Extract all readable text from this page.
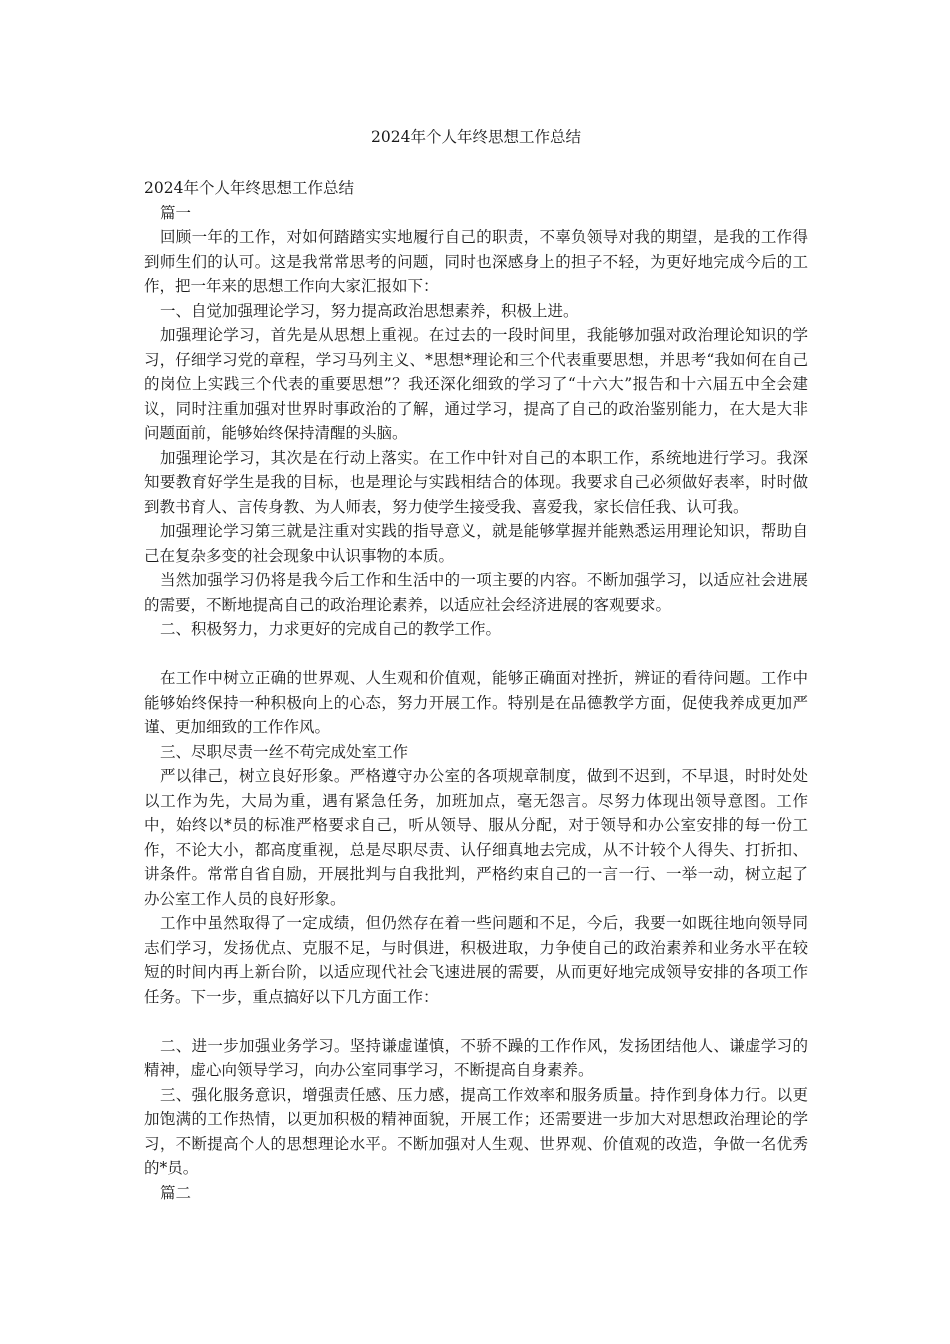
2024年个人年终思想工作总结

2024年个人年终思想工作总结

篇一

回顾一年的工作，对如何踏踏实实地履行自己的职责，不辜负领导对我的期望，是我的工作得到师生们的认可。这是我常常思考的问题，同时也深感身上的担子不轻，为更好地完成今后的工作，把一年来的思想工作向大家汇报如下：

一、自觉加强理论学习，努力提高政治思想素养，积极上进。

加强理论学习，首先是从思想上重视。在过去的一段时间里，我能够加强对政治理论知识的学习，仔细学习党的章程，学习马列主义、*思想*理论和三个代表重要思想，并思考“我如何在自己的岗位上实践三个代表的重要思想”？我还深化细致的学习了“十六大”报告和十六届五中全会建议，同时注重加强对世界时事政治的了解，通过学习，提高了自己的政治鉴别能力，在大是大非问题面前，能够始终保持清醒的头脑。

加强理论学习，其次是在行动上落实。在工作中针对自己的本职工作，系统地进行学习。我深知要教育好学生是我的目标，也是理论与实践相结合的体现。我要求自己必须做好表率，时时做到教书育人、言传身教、为人师表，努力使学生接受我、喜爱我，家长信任我、认可我。

加强理论学习第三就是注重对实践的指导意义，就是能够掌握并能熟悉运用理论知识，帮助自己在复杂多变的社会现象中认识事物的本质。

当然加强学习仍将是我今后工作和生活中的一项主要的内容。不断加强学习，以适应社会进展的需要，不断地提高自己的政治理论素养，以适应社会经济进展的客观要求。

二、积极努力，力求更好的完成自己的教学工作。

在工作中树立正确的世界观、人生观和价值观，能够正确面对挫折，辨证的看待问题。工作中能够始终保持一种积极向上的心态，努力开展工作。特别是在品德教学方面，促使我养成更加严谨、更加细致的工作作风。

三、尽职尽责一丝不苟完成处室工作

严以律己，树立良好形象。严格遵守办公室的各项规章制度，做到不迟到，不早退，时时处处以工作为先，大局为重，遇有紧急任务，加班加点，毫无怨言。尽努力体现出领导意图。工作中，始终以*员的标准严格要求自己，听从领导、服从分配，对于领导和办公室安排的每一份工作，不论大小，都高度重视，总是尽职尽责、认仔细真地去完成，从不计较个人得失、打折扣、讲条件。常常自省自励，开展批判与自我批判，严格约束自己的一言一行、一举一动，树立起了办公室工作人员的良好形象。

工作中虽然取得了一定成绩，但仍然存在着一些问题和不足，今后，我要一如既往地向领导同志们学习，发扬优点、克服不足，与时俱进，积极进取，力争使自己的政治素养和业务水平在较短的时间内再上新台阶，以适应现代社会飞速进展的需要，从而更好地完成领导安排的各项工作任务。下一步，重点搞好以下几方面工作：

二、进一步加强业务学习。坚持谦虚谨慎，不骄不躁的工作作风，发扬团结他人、谦虚学习的精神，虚心向领导学习，向办公室同事学习，不断提高自身素养。

三、强化服务意识，增强责任感、压力感，提高工作效率和服务质量。持作到身体力行。以更加饱满的工作热情，以更加积极的精神面貌，开展工作；还需要进一步加大对思想政治理论的学习，不断提高个人的思想理论水平。不断加强对人生观、世界观、价值观的改造，争做一名优秀的*员。

篇二
